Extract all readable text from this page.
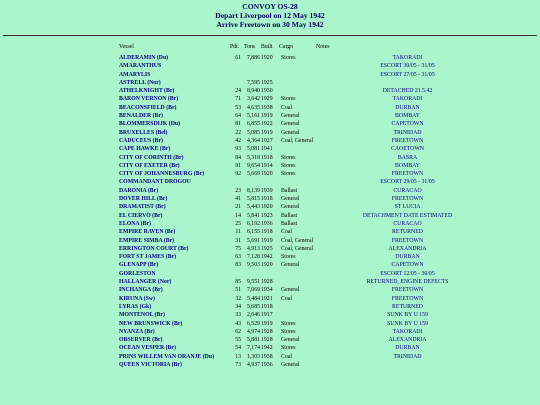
CONVOY OS-28
Depart Liverpool on 12 May 1942
Arrive Freetown on 30 May 1942
Vessel	Pdt. Tons Built Cargo	Notes
ALDERAMIN (Du)	61	7,886 1920 Stores	TAKORADI
AMARANTHUS	ESCORT 30/05 - 31/05
AMARYLIS	ESCORT 27/05 - 31/05
ASTRELL (Nor)	7,595 1925
ATHELKNIGHT (Br)	24	8,940 1930	DETACHED 21.5.42
BARON VERNON (Br)	71	3,642 1929 Stores	TAKORADI
BEACONSFIELD (Br)	53	4,635 1938 Coal	DURBAN
BENALDER (Br)	64	5,161 1919 General	BOMBAY
BLOMMERSDIJK (Du)	81	6,855 1922 General	CAPETOWN
BRUXELLES (Bel)	22	5,085 1919 General	TRINIDAD
CADUCEUS (Br)	42	4,364 1927 Coal, General	FREETOWN
CAPE HAWKE (Br)	93	5,081 1941	CAOETOWN
CITY OF CORINTH (Br)	84	5,318 1918 Stores	BASRA
CITY OF EXETER (Br)	91	9,654 1914 Stores	BOMBAY
CITY OF JOHANNESBURG (Br)	92	5,669 1920 Stores	FREETOWN
COMMANDANT DROGOU	ESCORT 29/05 - 31/05
DARONIA (Br)	23	8,139 1939 Ballast	CURACAO
DOVER HILL (Br)	41	5,815 1918 General	FREETOWN
DRAMATIST (Br)	21	5,443 1920 General	ST LUCIA
EL CIERVO (Br)	14	5,841 1923 Ballast	DETACHMENT DATE ESTIMATED
ELONA (Br)	25	6,192 1936 Ballast	CURACAO
EMPIRE RAVEN (Br)	11	6,155 1918 Coal	RETURNED
EMPIRE SIMBA (Br)	31	5,691 1919 Coal, General	FREETOWN
ERRINGTON COURT (Br)	75	4,913 1925 Coal, General	ALEXANDRIA
FORT ST JAMES (Br)	63	7,128 1942 Stores	DURBAN
GLENAPP (Br)	83	9,503 1920 General	CAPETOWN
GORLESTON	ESCORT 12/05 - 30/05
HALLANGER (Nor)	85	9,551 1928	RETURNED, ENGINE DEFECTS
INCHANGA (Br)	51	7,069 1934 General	FREETOWN
KIRUNA (Sw)	32	5,484 1921 Coal	FREETOWN
LYRAS (Gk)	34	5,685 1918	RETURNED
MONTENOL (Br)	33	2,646 1917	SUNK BY U 159
NEW BRUNSWICK (Br)	43	6,529 1919 Stores	SUNK BY U 159
NYANZA (Br)	62	4,974 1928 Stores	TAKORADI
OBSERVER (Br)	55	5,881 1928 General	ALEXANDRIA
OCEAN VESPER (Br)	54	7,174 1942 Stores	DURBAN
PRINS WILLEM VAN ORANJE (Du)	13	1,303 1938 Coal	TRINIDAD
QUEEN VICTORIA (Br)	73	4,937 1936 General
